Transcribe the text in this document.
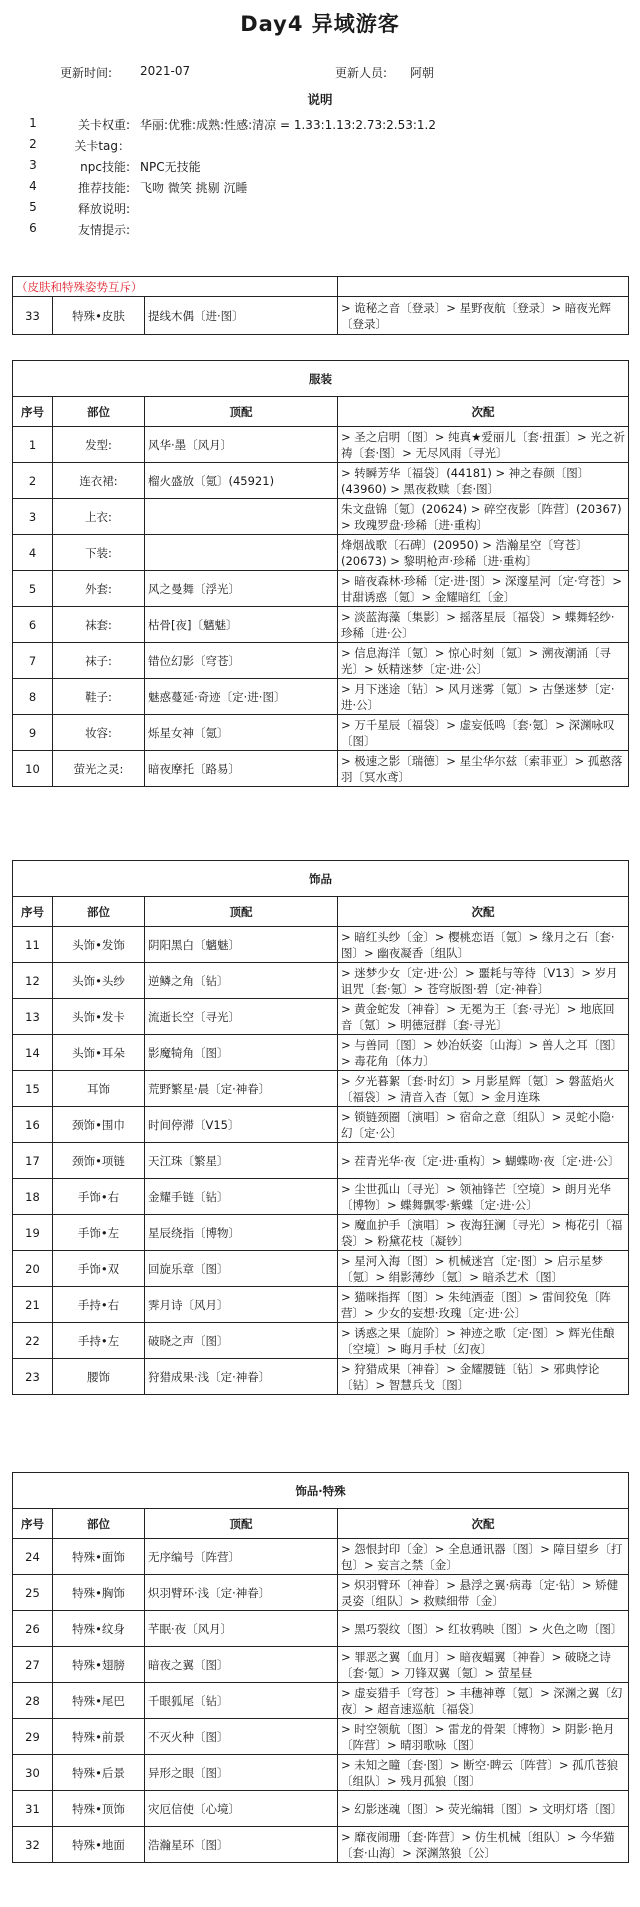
Day4 异域游客
更新时间: 2021-07	更新人员: 阿朝
说明
1	关卡权重: 华丽:优雅:成熟:性感:清凉 = 1.33:1.13:2.73:2.53:1.2
2	关卡tag：
3	npc技能: NPC无技能
4	推荐技能: 飞吻 微笑 挑剔 沉睡
5	释放说明:
6	友情提示:
（皮肤和特殊姿势互斥）			
33	特殊•皮肤	提线木偶〔进·图〕	> 诡秘之音〔登录〕> 星野夜航〔登录〕> 暗夜光辉〔登录〕
服装			
序号	部位	顶配	次配
1	发型:	风华·墨〔风月〕	> 圣之启明〔图〕> 纯真★爱丽儿〔套·扭蛋〕> 光之祈祷〔套·图〕> 无尽风雨〔寻光〕
2	连衣裙:	榴火盛放〔氪〕(45921)	> 转瞬芳华〔福袋〕(44181) > 神之春颜〔图〕(43960) > 黑夜救赎〔套·图〕
3	上衣:		朱文盘锦〔氪〕(20624) > 碎空夜影〔阵营〕(20367) > 玫瑰罗盘·珍稀〔进·重构〕
4	下装:		烽烟战歌〔石碑〕(20950) > 浩瀚星空〔穹苍〕(20673) > 黎明枪声·珍稀〔进·重构〕
5	外套:	风之曼舞〔浮光〕	> 暗夜森林·珍稀〔定·进·图〕> 深邃星河〔定·穹苍〕> 甘甜诱惑〔氪〕> 金耀暗红〔金〕
6	袜套:	枯骨[夜]〔魑魅〕	> 淡蓝海藻〔集影〕> 摇落星辰〔福袋〕> 蝶舞轻纱·珍稀〔进·公〕
7	袜子:	错位幻影〔穹苍〕	> 信息海洋〔氪〕> 惊心时刻〔氪〕> 溯夜潮涌〔寻光〕> 妖精迷梦〔定·进·公〕
8	鞋子:	魅惑蔓延·奇迹〔定·进·图〕	> 月下迷途〔钻〕> 风月迷雾〔氪〕> 古堡迷梦〔定·进·公〕
9	妆容:	烁星女神〔氪〕	> 万千星辰〔福袋〕> 虚妄低鸣〔套·氪〕> 深渊咏叹〔图〕
10	萤光之灵:	暗夜摩托〔路易〕	> 极速之影〔瑞德〕> 星尘华尔兹〔索菲亚〕> 孤憨落羽〔冥水鸢〕
饰品			
序号	部位	顶配	次配
11	头饰•发饰	阴阳黑白〔魑魅〕	> 暗红头纱〔金〕> 樱桃恋语〔氪〕> 缘月之石〔套·图〕> 幽夜凝香〔组队〕
12	头饰•头纱	逆鳞之角〔钻〕	> 迷梦少女〔定·进·公〕> 噩耗与等待〔V13〕> 岁月诅咒〔套·氪〕> 苍穹版图·碧〔定·神眷〕
13	头饰•发卡	流逝长空〔寻光〕	> 黄金蛇发〔神眷〕> 无冕为王〔套·寻光〕> 地底回音〔氪〕> 明德冠群〔套·寻光〕
14	头饰•耳朵	影魔犄角〔图〕	> 与兽同〔图〕> 妙冶妖姿〔山海〕> 兽人之耳〔图〕> 毒花角〔体力〕
15	耳饰	荒野繁星·晨〔定·神眷〕	> 夕光暮絮〔套·时幻〕> 月影星辉〔氪〕> 磐蓝焰火〔福袋〕> 清音入杳〔氪〕> 金月连珠
16	颈饰•围巾	时间停滞〔V15〕	> 锁链颈圈〔演唱〕> 宿命之意〔组队〕> 灵蛇小隐·幻〔定·公〕
17	颈饰•项链	天江珠〔繁星〕	> 茬青光华·夜〔定·进·重构〕> 蝴蝶吻·夜〔定·进·公〕
18	手饰•右	金耀手链〔钻〕	> 尘世孤山〔寻光〕> 领袖锋芒〔空境〕> 朗月光华〔博物〕> 蝶舞飘零·紫蝶〔定·进·公〕
19	手饰•左	星辰绕指〔博物〕	> 魔血护手〔演唱〕> 夜海狂澜〔寻光〕> 梅花引〔福袋〕> 粉黛花枝〔凝钞〕
20	手饰•双	回旋乐章〔图〕	> 星河入海〔图〕> 机械迷宫〔定·图〕> 启示星梦〔氪〕> 绢影薄纱〔氪〕> 暗杀艺术〔图〕
21	手持•右	霁月诗〔风月〕	> 猫咪指挥〔图〕> 朱纯酒壶〔图〕> 雷间狡兔〔阵营〕> 少女的妄想·玫瑰〔定·进·公〕
22	手持•左	破晓之声〔图〕	> 诱惑之果〔旋阶〕> 神迹之歌〔定·图〕> 辉光佳酿〔空境〕> 晦月手杖〔幻夜〕
23	腰饰	狩猎成果·浅〔定·神眷〕	> 狩猎成果〔神眷〕> 金耀腰链〔钻〕> 邪典悖论〔钻〕> 智慧兵戈〔图〕
饰品·特殊			
序号	部位	顶配	次配
24	特殊•面饰	无序编号〔阵营〕	> 怨恨封印〔金〕> 全息通讯器〔图〕> 障目望乡〔打包〕> 妄言之禁〔金〕
25	特殊•胸饰	炽羽臂环·浅〔定·神眷〕	> 炽羽臂环〔神眷〕> 悬浮之翼·病毒〔定·钻〕> 矫健灵姿〔组队〕> 救赎细带〔金〕
26	特殊•纹身	芊眠·夜〔风月〕	> 黑巧裂纹〔图〕> 红妆鸦映〔图〕> 火色之吻〔图〕
27	特殊•翅膀	暗夜之翼〔图〕	> 罪恶之翼〔血月〕> 暗夜蝠翼〔神眷〕> 破晓之诗〔套·氪〕> 刀锋双翼〔氪〕> 萤星昼
28	特殊•尾巴	千眼狐尾〔钻〕	> 虚妄猎手〔穹苍〕> 丰穗神尊〔氪〕> 深渊之翼〔幻夜〕> 超音速巡航〔福袋〕
29	特殊•前景	不灭火种〔图〕	> 时空领航〔图〕> 雷龙的骨架〔博物〕> 阴影·艳月〔阵营〕> 晴羽歌咏〔图〕
30	特殊•后景	异形之眼〔图〕	> 未知之瞳〔套·图〕> 断空·睥云〔阵营〕> 孤爪苍狼〔组队〕> 残月孤狼〔图〕
31	特殊•顶饰	灾厄信使〔心境〕	> 幻影迷魂〔图〕> 荧光编辑〔图〕> 文明灯塔〔图〕
32	特殊•地面	浩瀚星环〔图〕	> 靡夜闹珊〔套·阵营〕> 仿生机械〔组队〕> 今华猫〔套·山海〕> 深渊煞狼〔公〕
